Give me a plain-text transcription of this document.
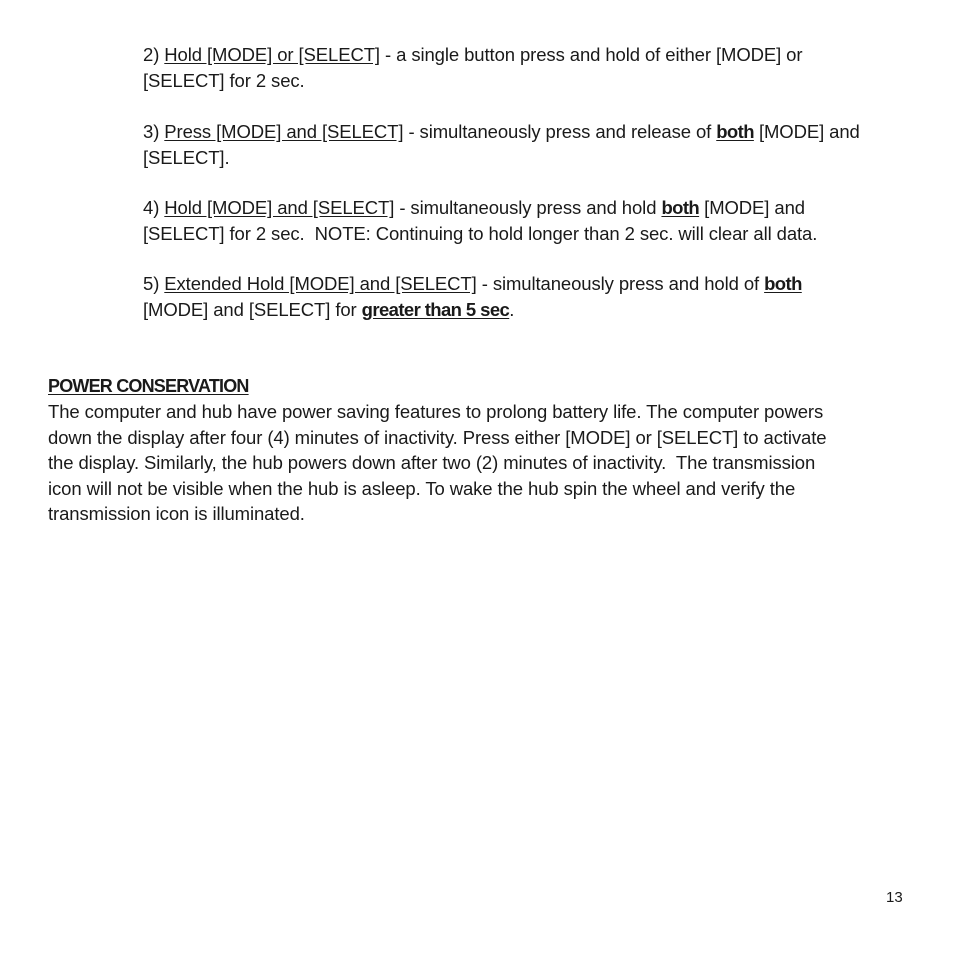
2) Hold [MODE] or [SELECT] - a single button press and hold of either [MODE] or
[SELECT] for 2 sec.
3) Press [MODE] and [SELECT] - simultaneously press and release of both [MODE] and
[SELECT].
4) Hold [MODE] and [SELECT] - simultaneously press and hold both [MODE] and
[SELECT] for 2 sec.  NOTE: Continuing to hold longer than 2 sec. will clear all data.
5) Extended Hold [MODE] and [SELECT] - simultaneously press and hold of both
[MODE] and [SELECT] for greater than 5 sec.
POWER CONSERVATION
The computer and hub have power saving features to prolong battery life. The computer powers
down the display after four (4) minutes of inactivity. Press either [MODE] or [SELECT] to activate
the display. Similarly, the hub powers down after two (2) minutes of inactivity.  The transmission
icon will not be visible when the hub is asleep. To wake the hub spin the wheel and verify the
transmission icon is illuminated.
13
